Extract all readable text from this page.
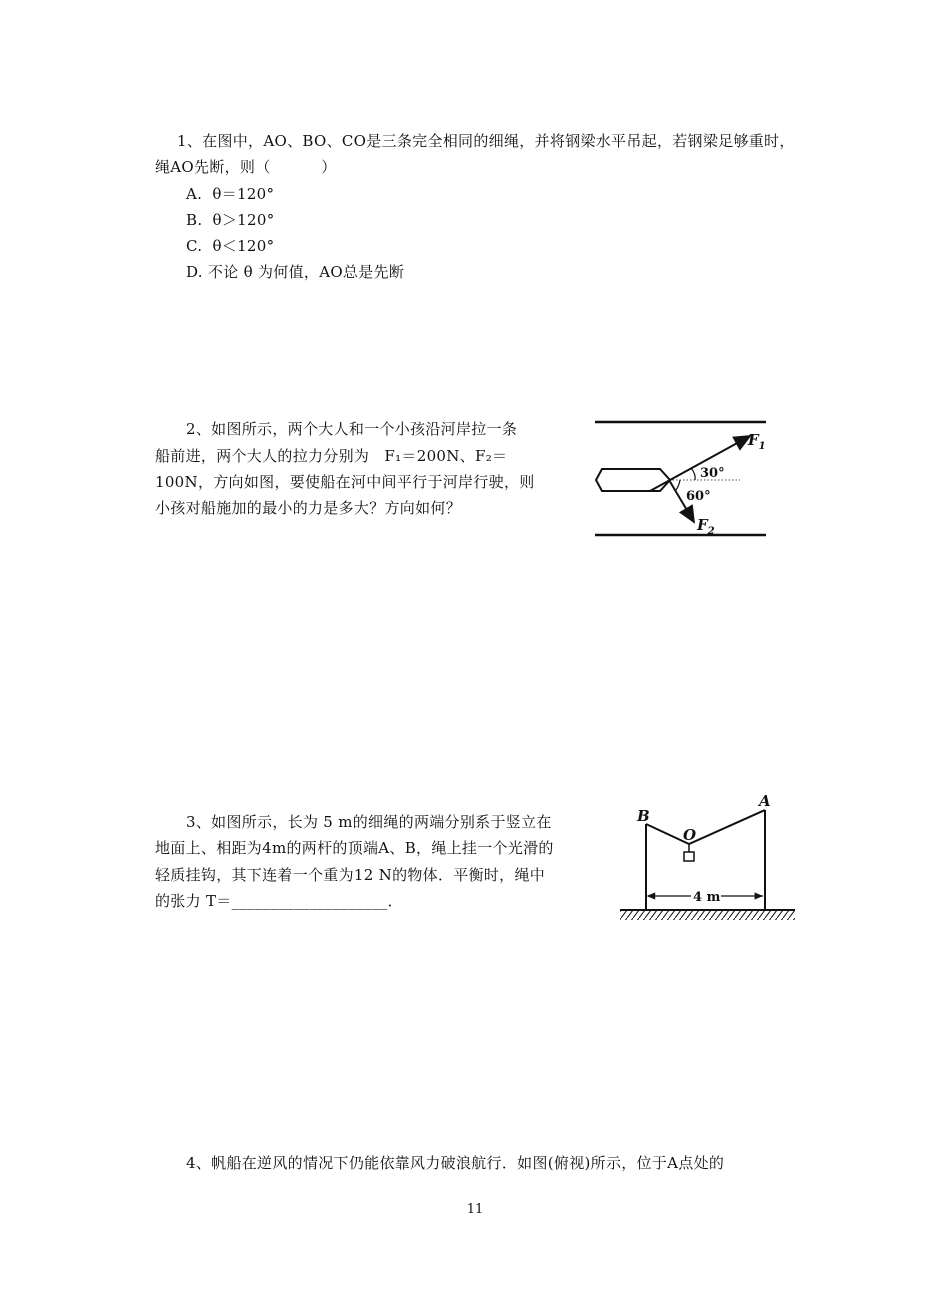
1、在图中，AO、BO、CO是三条完全相同的细绳，并将钢梁水平吊起，若钢梁足够重时，
绳AO先断，则（          ）
A.  θ＝120°
B.  θ＞120°
C.  θ＜120°
D. 不论 θ 为何值，AO总是先断
2、如图所示，两个大人和一个小孩沿河岸拉一条
船前进，两个大人的拉力分别为   F₁＝200N、F₂＝
100N，方向如图，要使船在河中间平行于河岸行驶，则
小孩对船施加的最小的力是多大？方向如何？
$F_1$
30°
60°
$F_2$
3、如图所示，长为 5 m的细绳的两端分别系于竖立在
地面上、相距为4m的两杆的顶端A、B，绳上挂一个光滑的
轻质挂钩，其下连着一个重为12 N的物体．平衡时，绳中
的张力 T＝____________________．	4 m
B
A
O
4、帆船在逆风的情况下仍能依靠风力破浪航行．如图(俯视)所示，位于A点处的
11
